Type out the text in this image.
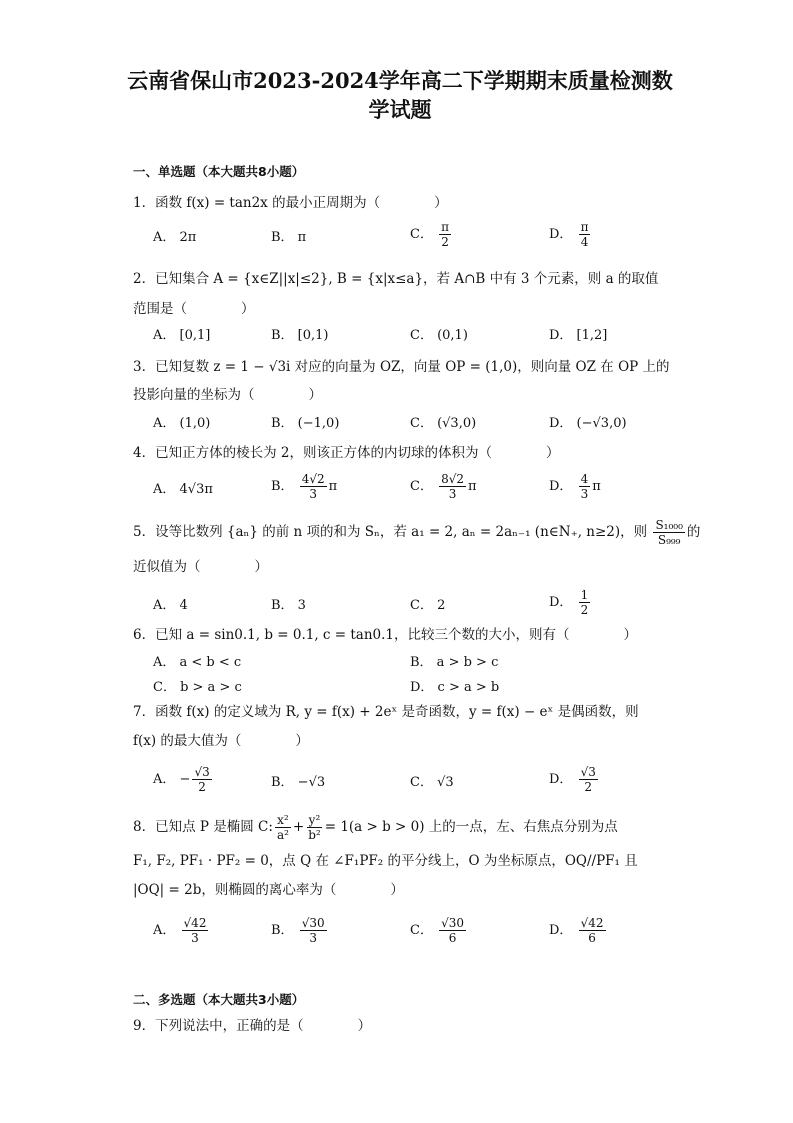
云南省保山市2023-2024学年高二下学期期末质量检测数
学试题
一、单选题（本大题共8小题）
1．函数 f(x) = tan2x 的最小正周期为（　　　　）
A． 2π	B． π	C． $\frac{\pi}{2}$	D． $\frac{\pi}{4}$
2．已知集合 A = {x∈Z||x|≤2}, B = {x|x≤a}，若 A∩B 中有 3 个元素，则 a 的取值
范围是（　　　　）
A． [0,1]	B． [0,1)	C． (0,1)	D． [1,2]
3．已知复数 z = 1 − √3i 对应的向量为 OZ，向量 OP = (1,0)，则向量 OZ 在 OP 上的
投影向量的坐标为（　　　　）
A． (1,0)	B． (−1,0)	C． (√3,0)	D． (−√3,0)
4．已知正方体的棱长为 2，则该正方体的内切球的体积为（　　　　）
A． 4√3π	B． $\frac{4√2}{3}$ π	C． $\frac{8√2}{3}$ π	D． $\frac{4}{3}$ π
5．设等比数列 {aₙ} 的前 n 项的和为 Sₙ，若 a₁ = 2, aₙ = 2aₙ₋₁ (n∈N₊, n≥2)，则 $\frac{\text{S₁₀₀₀}}{\text{S₉₉₉}}$ 的
近似值为（　　　　）
A． 4	B． 3	C． 2	D． $\frac{1}{2}$
6．已知 a = sin0.1, b = 0.1, c = tan0.1，比较三个数的大小，则有（　　　　）
A． a < b < c	B． a > b > c
C． b > a > c	D． c > a > b
7．函数 f(x) 的定义域为 R, y = f(x) + 2eˣ 是奇函数，y = f(x) − eˣ 是偶函数，则
f(x) 的最大值为（　　　　）
A． − $\frac{√3}{2}$	B． −√3	C． √3	D． $\frac{√3}{2}$
8．已知点 P 是椭圆 C: $\frac{\text{x²}}{\text{a²}} + \frac{\text{y²}}{\text{b²}} = 1(a > b > 0)$ 上的一点，左、右焦点分别为点
F₁, F₂, PF₁ · PF₂ = 0，点 Q 在 ∠F₁PF₂ 的平分线上，O 为坐标原点，OQ//PF₁ 且
|OQ| = 2b，则椭圆的离心率为（　　　　）
A． $\frac{√42}{3}$	B． $\frac{√30}{3}$	C． $\frac{√30}{6}$	D． $\frac{√42}{6}$
二、多选题（本大题共3小题）
9．下列说法中，正确的是（　　　　）
